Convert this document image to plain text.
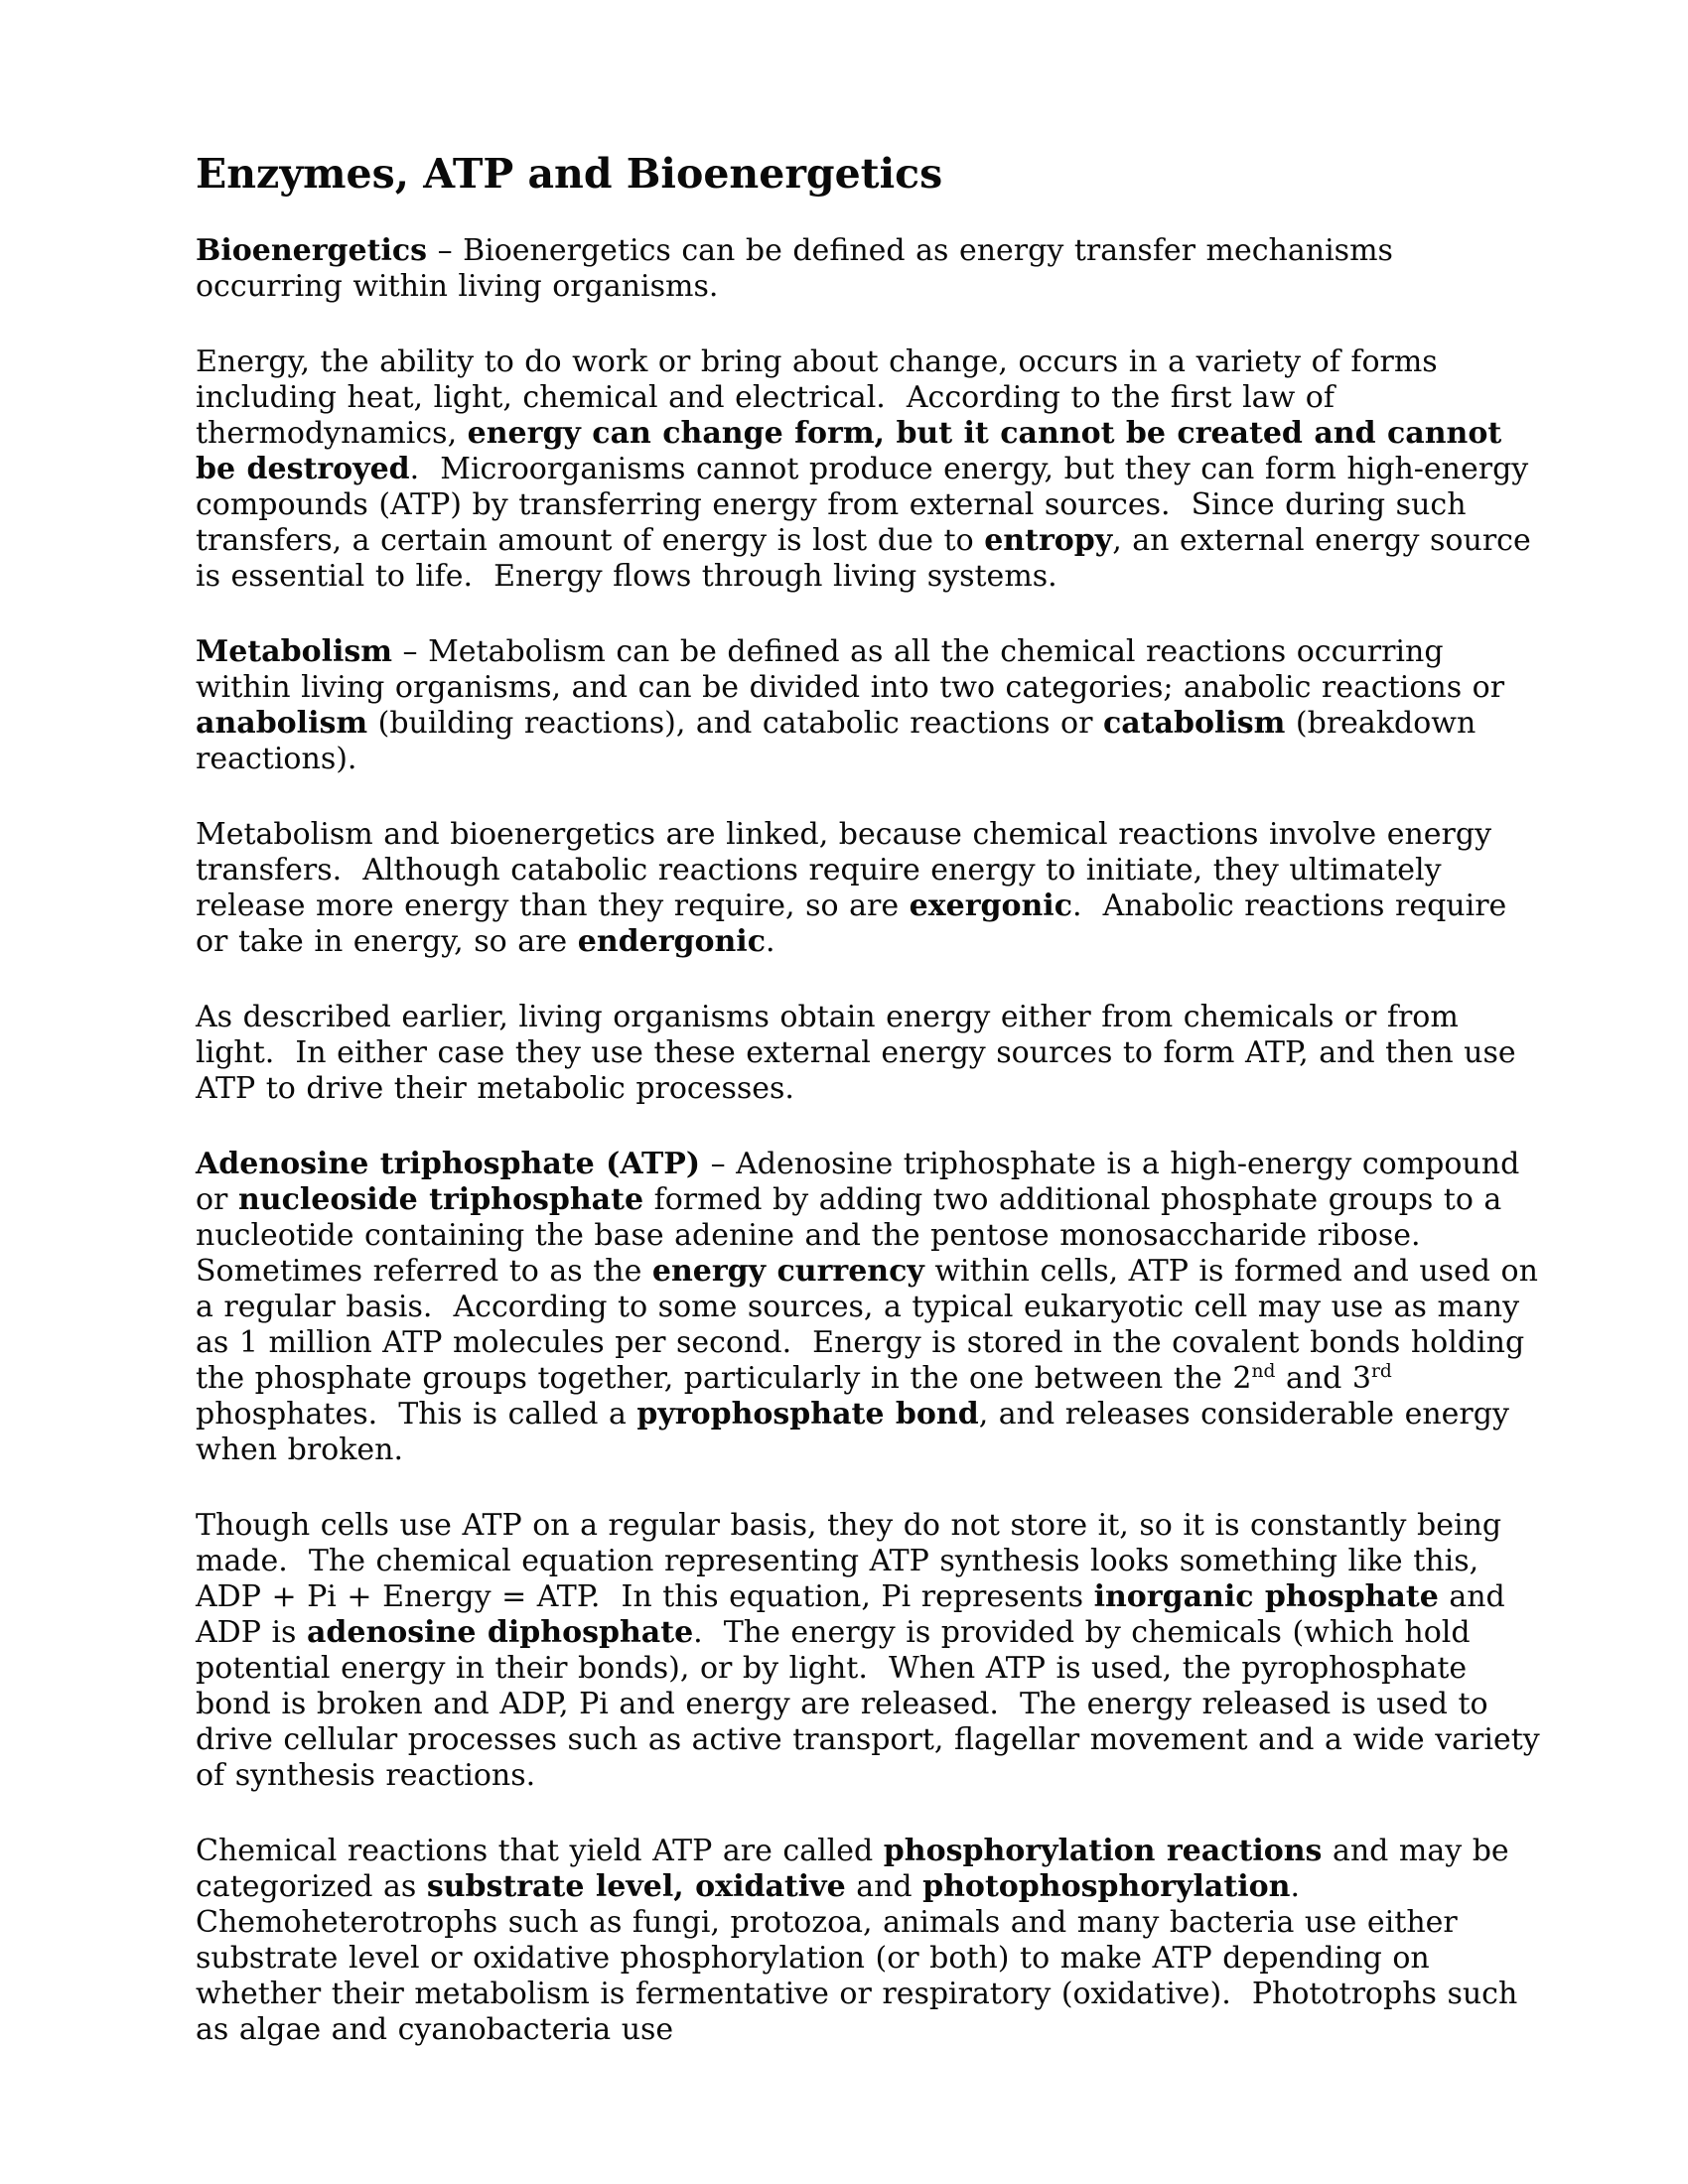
Enzymes, ATP and Bioenergetics

Bioenergetics – Bioenergetics can be defined as energy transfer mechanisms occurring within living organisms.

Energy, the ability to do work or bring about change, occurs in a variety of forms including heat, light, chemical and electrical.  According to the first law of thermodynamics, energy can change form, but it cannot be created and cannot be destroyed.  Microorganisms cannot produce energy, but they can form high-energy compounds (ATP) by transferring energy from external sources.  Since during such transfers, a certain amount of energy is lost due to entropy, an external energy source is essential to life.  Energy flows through living systems.

Metabolism – Metabolism can be defined as all the chemical reactions occurring within living organisms, and can be divided into two categories; anabolic reactions or anabolism (building reactions), and catabolic reactions or catabolism (breakdown reactions).

Metabolism and bioenergetics are linked, because chemical reactions involve energy transfers.  Although catabolic reactions require energy to initiate, they ultimately release more energy than they require, so are exergonic.  Anabolic reactions require or take in energy, so are endergonic.

As described earlier, living organisms obtain energy either from chemicals or from light.  In either case they use these external energy sources to form ATP, and then use ATP to drive their metabolic processes.

Adenosine triphosphate (ATP) – Adenosine triphosphate is a high-energy compound or nucleoside triphosphate formed by adding two additional phosphate groups to a nucleotide containing the base adenine and the pentose monosaccharide ribose.  Sometimes referred to as the energy currency within cells, ATP is formed and used on a regular basis.  According to some sources, a typical eukaryotic cell may use as many as 1 million ATP molecules per second.  Energy is stored in the covalent bonds holding the phosphate groups together, particularly in the one between the 2nd and 3rd phosphates.  This is called a pyrophosphate bond, and releases considerable energy when broken.

Though cells use ATP on a regular basis, they do not store it, so it is constantly being made.  The chemical equation representing ATP synthesis looks something like this, ADP + Pi + Energy = ATP.  In this equation, Pi represents inorganic phosphate and ADP is adenosine diphosphate.  The energy is provided by chemicals (which hold potential energy in their bonds), or by light.  When ATP is used, the pyrophosphate bond is broken and ADP, Pi and energy are released.  The energy released is used to drive cellular processes such as active transport, flagellar movement and a wide variety of synthesis reactions.

Chemical reactions that yield ATP are called phosphorylation reactions and may be categorized as substrate level, oxidative and photophosphorylation.  Chemoheterotrophs such as fungi, protozoa, animals and many bacteria use either substrate level or oxidative phosphorylation (or both) to make ATP depending on whether their metabolism is fermentative or respiratory (oxidative).  Phototrophs such as algae and cyanobacteria use
